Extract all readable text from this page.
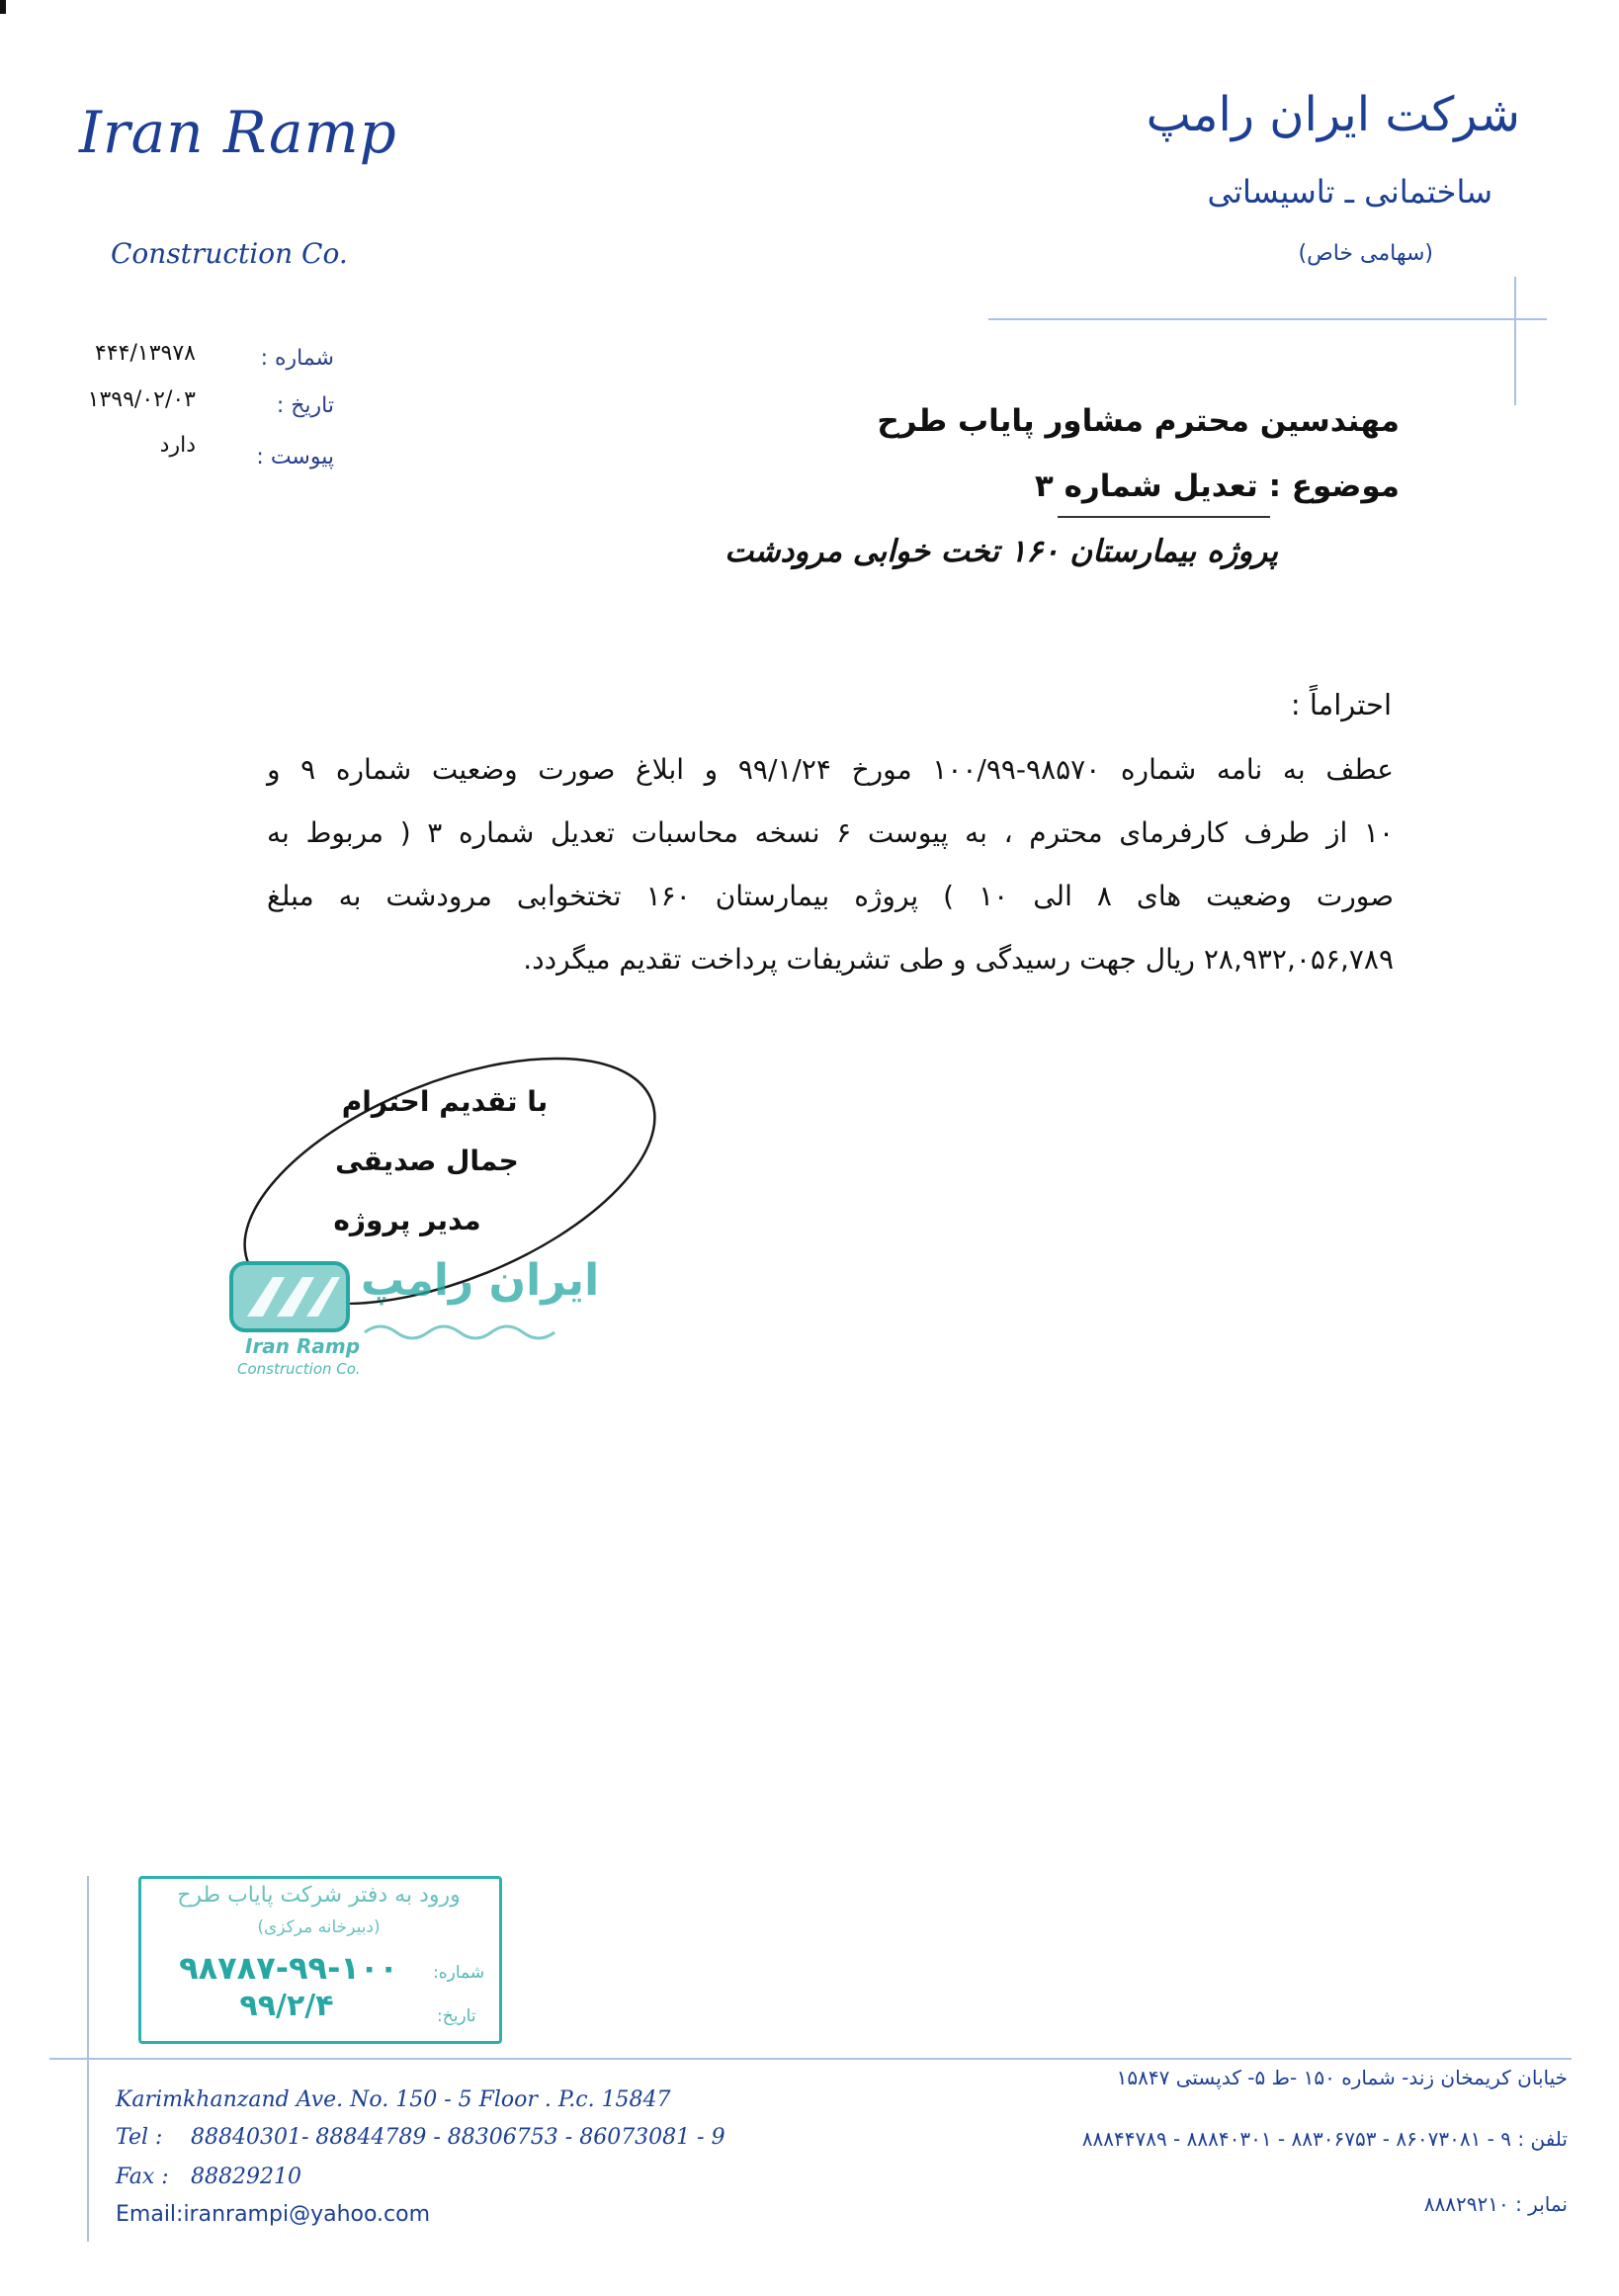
Iran Ramp
Construction Co.
شرکت ایران رامپ
ساختمانی ـ تاسیساتی
(سهامی خاص)
شماره :
۴۴۴/۱۳۹۷۸
تاریخ :
۱۳۹۹/۰۲/۰۳
پیوست :
دارد
مهندسین محترم مشاور پایاب طرح
موضوع : تعدیل شماره ۳
پروژه بیمارستان ۱۶۰ تخت خوابی مرودشت
احتراماً :
عطف به نامه شماره ۹۸۵۷۰-۱۰۰/۹۹ مورخ ۹۹/۱/۲۴ و ابلاغ صورت وضعیت شماره ۹ و
۱۰ از طرف کارفرمای محترم ، به پیوست ۶ نسخه محاسبات تعدیل شماره ۳ ( مربوط به
صورت وضعیت های ۸ الی ۱۰ ) پروژه بیمارستان ۱۶۰ تختخوابی مرودشت به مبلغ
۲۸,۹۳۲,۰۵۶,۷۸۹ ریال جهت رسیدگی و طی تشریفات پرداخت تقدیم میگردد.
با تقدیم احترام
جمال صدیقی
مدیر پروژه
ایران رامپ
Iran Ramp
Construction Co.
ورود به دفتر شرکت پایاب طرح
(دبیرخانه مرکزی)
شماره:
۹۸۷۸۷-۹۹-۱۰۰
تاریخ:
۹۹/۲/۴
Karimkhanzand Ave. No. 150 - 5 Floor . P.c. 15847
Tel : 88840301- 88844789 - 88306753 - 86073081 - 9
Fax : 88829210
Email:iranrampi@yahoo.com
خیابان کریمخان زند- شماره ۱۵۰ -ط ۵- کدپستی ۱۵۸۴۷
تلفن : ۹ - ۸۶۰۷۳۰۸۱ - ۸۸۳۰۶۷۵۳ - ۸۸۸۴۰۳۰۱ - ۸۸۸۴۴۷۸۹
نمابر : ۸۸۸۲۹۲۱۰
